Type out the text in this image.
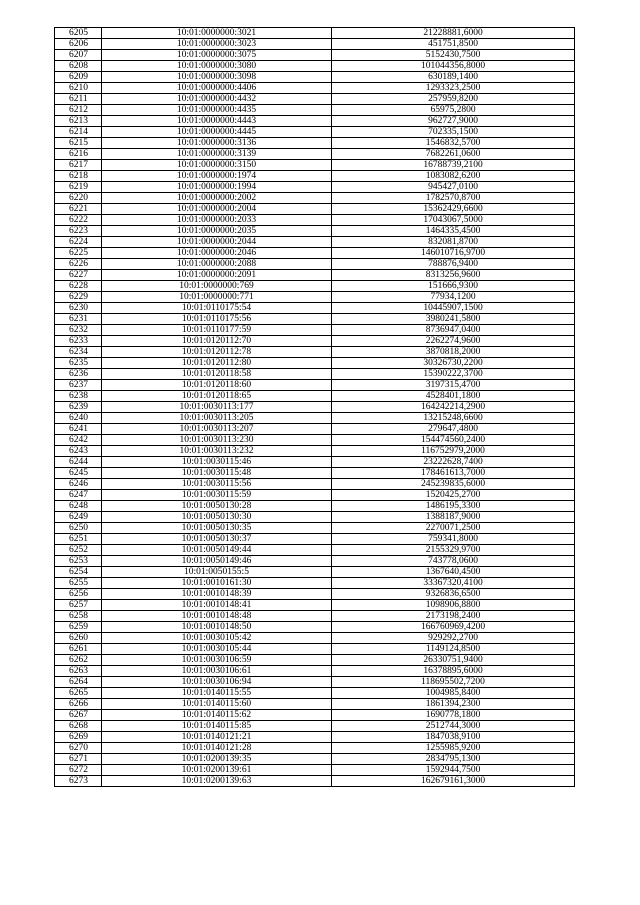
6205	10:01:0000000:3021	21228881,6000
6206	10:01:0000000:3023	451751,8500
6207	10:01:0000000:3075	5152430,7500
6208	10:01:0000000:3080	101044356,8000
6209	10:01:0000000:3098	630189,1400
6210	10:01:0000000:4406	1293323,2500
6211	10:01:0000000:4432	257959,8200
6212	10:01:0000000:4435	65975,2800
6213	10:01:0000000:4443	962727,9000
6214	10:01:0000000:4445	702335,1500
6215	10:01:0000000:3136	1546832,5700
6216	10:01:0000000:3139	7682261,0600
6217	10:01:0000000:3150	16788739,2100
6218	10:01:0000000:1974	1083082,6200
6219	10:01:0000000:1994	945427,0100
6220	10:01:0000000:2002	1782570,8700
6221	10:01:0000000:2004	15362429,6600
6222	10:01:0000000:2033	17043067,5000
6223	10:01:0000000:2035	1464335,4500
6224	10:01:0000000:2044	832081,8700
6225	10:01:0000000:2046	146010716,9700
6226	10:01:0000000:2088	788876,9400
6227	10:01:0000000:2091	8313256,9600
6228	10:01:0000000:769	151666,9300
6229	10:01:0000000:771	77934,1200
6230	10:01:0110175:54	10445907,1500
6231	10:01:0110175:56	3980241,5800
6232	10:01:0110177:59	8736947,0400
6233	10:01:0120112:70	2262274,9600
6234	10:01:0120112:78	3870818,2000
6235	10:01:0120112:80	30326730,2200
6236	10:01:0120118:58	15390222,3700
6237	10:01:0120118:60	3197315,4700
6238	10:01:0120118:65	4528401,1800
6239	10:01:0030113:177	164242214,2900
6240	10:01:0030113:205	13215248,6600
6241	10:01:0030113:207	279647,4800
6242	10:01:0030113:230	154474560,2400
6243	10:01:0030113:232	116752979,2000
6244	10:01:0030115:46	23222628,7400
6245	10:01:0030115:48	178461613,7000
6246	10:01:0030115:56	245239835,6000
6247	10:01:0030115:59	1520425,2700
6248	10:01:0050130:28	1486195,3300
6249	10:01:0050130:30	1388187,9000
6250	10:01:0050130:35	2270071,2500
6251	10:01:0050130:37	759341,8000
6252	10:01:0050149:44	2155329,9700
6253	10:01:0050149:46	743778,0600
6254	10:01:0050155:5	1367640,4500
6255	10:01:0010161:30	33367320,4100
6256	10:01:0010148:39	9326836,6500
6257	10:01:0010148:41	1098906,8800
6258	10:01:0010148:48	2173198,2400
6259	10:01:0010148:50	166760969,4200
6260	10:01:0030105:42	929292,2700
6261	10:01:0030105:44	1149124,8500
6262	10:01:0030106:59	26330751,9400
6263	10:01:0030106:61	16378895,6000
6264	10:01:0030106:94	118695502,7200
6265	10:01:0140115:55	1004985,8400
6266	10:01:0140115:60	1861394,2300
6267	10:01:0140115:62	1690778,1800
6268	10:01:0140115:85	2512744,3000
6269	10:01:0140121:21	1847038,9100
6270	10:01:0140121:28	1255985,9200
6271	10:01:0200139:35	2834795,1300
6272	10:01:0200139:61	1592944,7500
6273	10:01:0200139:63	162679161,3000
